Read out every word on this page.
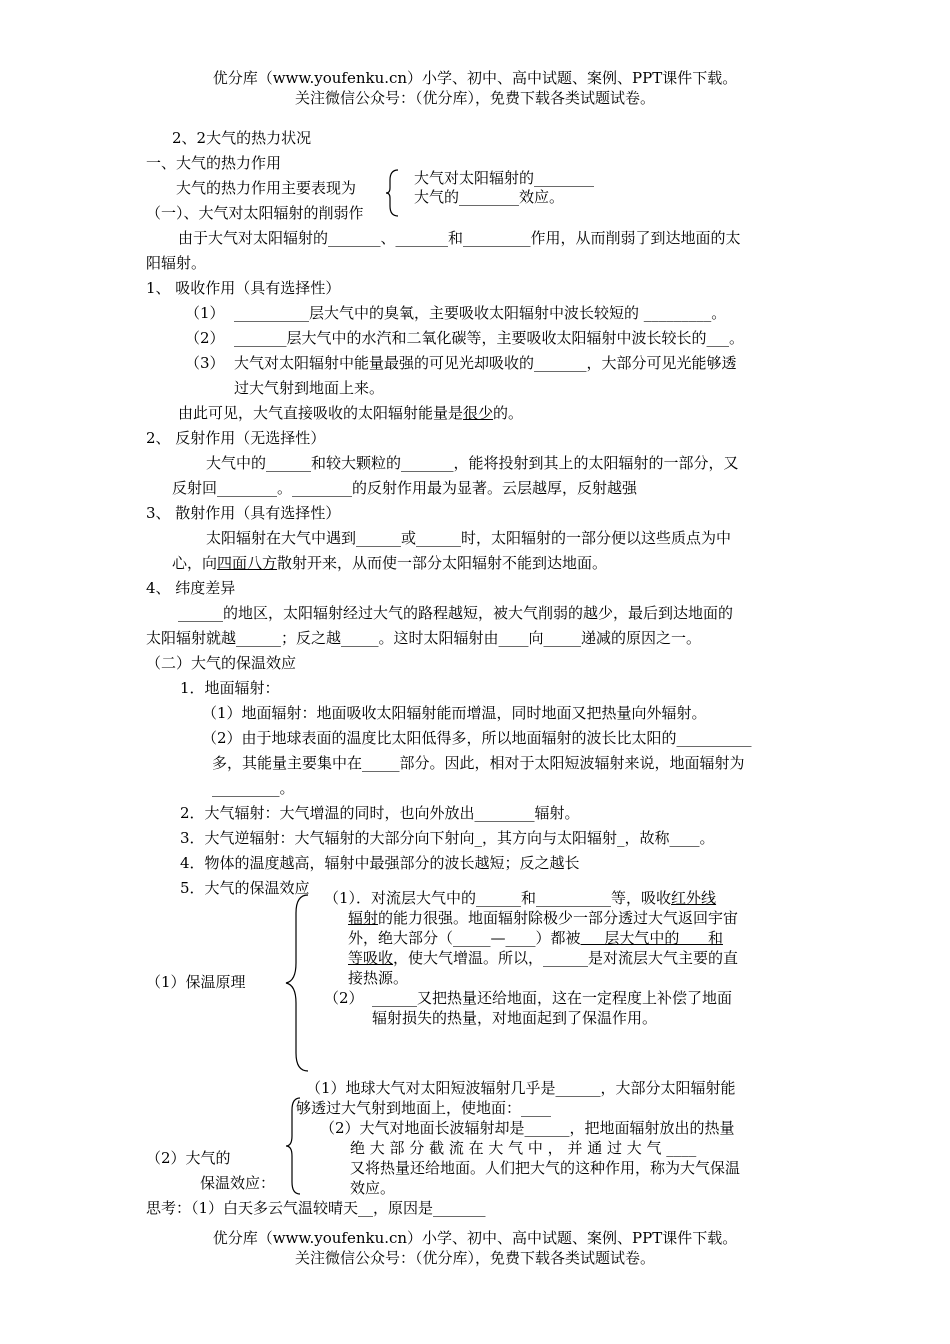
优分库（www.youfenku.cn）小学、初中、高中试题、案例、PPT课件下载。
关注微信公众号：（优分库），免费下载各类试题试卷。
2、2大气的热力状况
一、大气的热力作用
大气的热力作用主要表现为
大气对太阳辐射的________
大气的________效应。
（一）、大气对太阳辐射的削弱作
由于大气对太阳辐射的_______、_______和_________作用，从而削弱了到达地面的太
阳辐射。
1、 吸收作用（具有选择性）
（1） __________层大气中的臭氧，主要吸收太阳辐射中波长较短的 _________。
（2） _______层大气中的水汽和二氧化碳等，主要吸收太阳辐射中波长较长的___。
（3） 大气对太阳辐射中能量最强的可见光却吸收的_______，大部分可见光能够透
过大气射到地面上来。
由此可见，大气直接吸收的太阳辐射能量是很少的。
2、 反射作用（无选择性）
大气中的______和较大颗粒的_______，能将投射到其上的太阳辐射的一部分，又
反射回________。________的反射作用最为显著。云层越厚，反射越强
3、 散射作用（具有选择性）
太阳辐射在大气中遇到______或______时，太阳辐射的一部分便以这些质点为中
心，向四面八方散射开来，从而使一部分太阳辐射不能到达地面。
4、 纬度差异
______的地区，太阳辐射经过大气的路程越短，被大气削弱的越少，最后到达地面的
太阳辐射就越______；反之越_____。这时太阳辐射由____向_____递减的原因之一。
（二）大气的保温效应
1．地面辐射：
（1）地面辐射：地面吸收太阳辐射能而增温，同时地面又把热量向外辐射。
（2）由于地球表面的温度比太阳低得多，所以地面辐射的波长比太阳的__________
多，其能量主要集中在_____部分。因此，相对于太阳短波辐射来说，地面辐射为
_________。
2．大气辐射：大气增温的同时，也向外放出________辐射。
3．大气逆辐射：大气辐射的大部分向下射向_，其方向与太阳辐射_，故称____。
4．物体的温度越高，辐射中最强部分的波长越短；反之越长
5．大气的保温效应
（1）保温原理
（1）．对流层大气中的______和__________等，吸收红外线
辐射的能力很强。地面辐射除极少一部分透过大气返回宇宙
外，绝大部分（_____—____）都被     层大气中的      和
等吸收，使大气增温。所以，______是对流层大气主要的直
接热源。
（2） ______又把热量还给地面，这在一定程度上补偿了地面
辐射损失的热量，对地面起到了保温作用。
（1）地球大气对太阳短波辐射几乎是______，大部分太阳辐射能
够透过大气射到地面上，使地面：____
（2）大气对地面长波辐射却是______，把地面辐射放出的热量
绝 大 部 分 截 流 在 大 气 中 ， 并 通 过 大 气 ____
又将热量还给地面。人们把大气的这种作用，称为大气保温
效应。
（2）大气的
保温效应：
思考：（1）白天多云气温较晴天__，原因是_______
优分库（www.youfenku.cn）小学、初中、高中试题、案例、PPT课件下载。
关注微信公众号：（优分库），免费下载各类试题试卷。
